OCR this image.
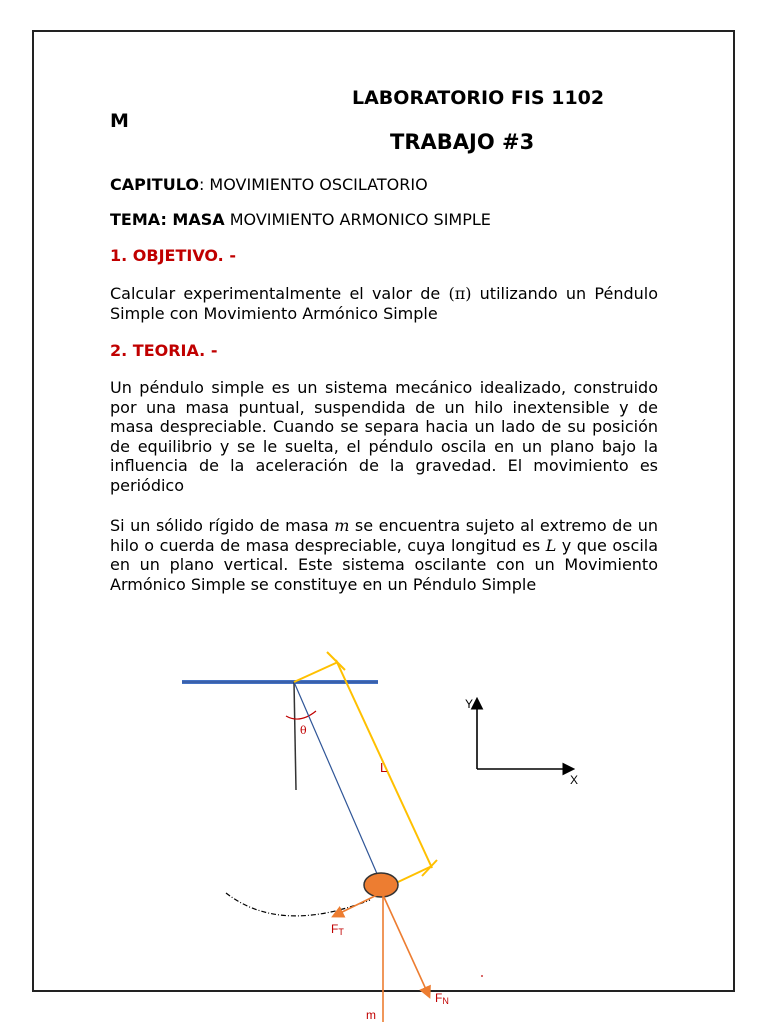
LABORATORIO FIS 1102
M
TRABAJO #3
CAPITULO: MOVIMIENTO OSCILATORIO
TEMA: MASA MOVIMIENTO ARMONICO SIMPLE
1. OBJETIVO. -
Calcular experimentalmente el valor de (π) utilizando un Péndulo Simple con Movimiento Armónico Simple
2. TEORIA. -
Un péndulo simple es un sistema mecánico idealizado, construido por una masa puntual, suspendida de un hilo inextensible y de masa despreciable. Cuando se separa hacia un lado de su posición de equilibrio y se le suelta, el péndulo oscila en un plano bajo la influencia de la aceleración de la gravedad. El movimiento es periódico
Si un sólido rígido de masa m se encuentra sujeto al extremo de un hilo o cuerda de masa despreciable, cuya longitud es L y que oscila en un plano vertical. Este sistema oscilante con un Movimiento Armónico Simple se constituye en un Péndulo Simple
θ
L
FT
FN
m
Y
X
